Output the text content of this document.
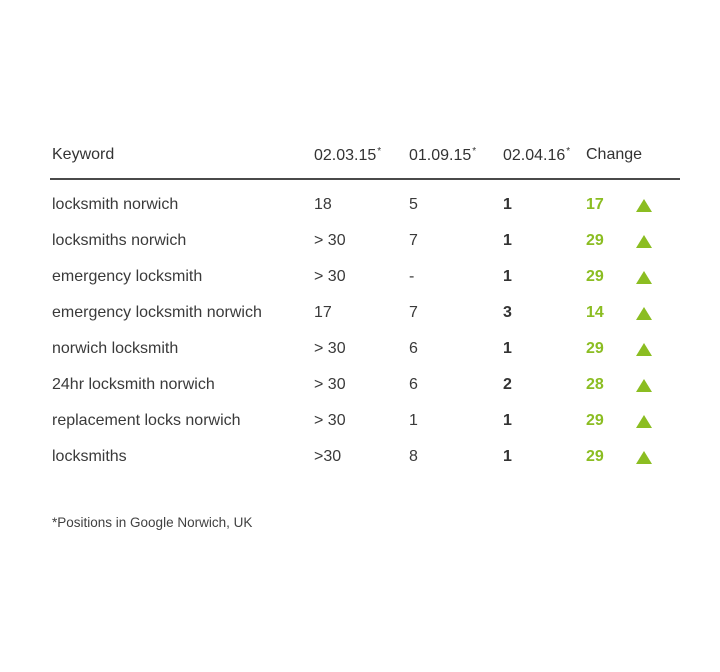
Keyword	02.03.15*	01.09.15*	02.04.16* Change
locksmith norwich	18	5	1	17
locksmiths norwich	> 30	7	1	29
emergency locksmith	> 30	-	1	29
emergency locksmith norwich	17	7	3	14
norwich locksmith	> 30	6	1	29
24hr locksmith norwich	> 30	6	2	28
replacement locks norwich	> 30	1	1	29
locksmiths	>30	8	1	29
*Positions in Google Norwich, UK
